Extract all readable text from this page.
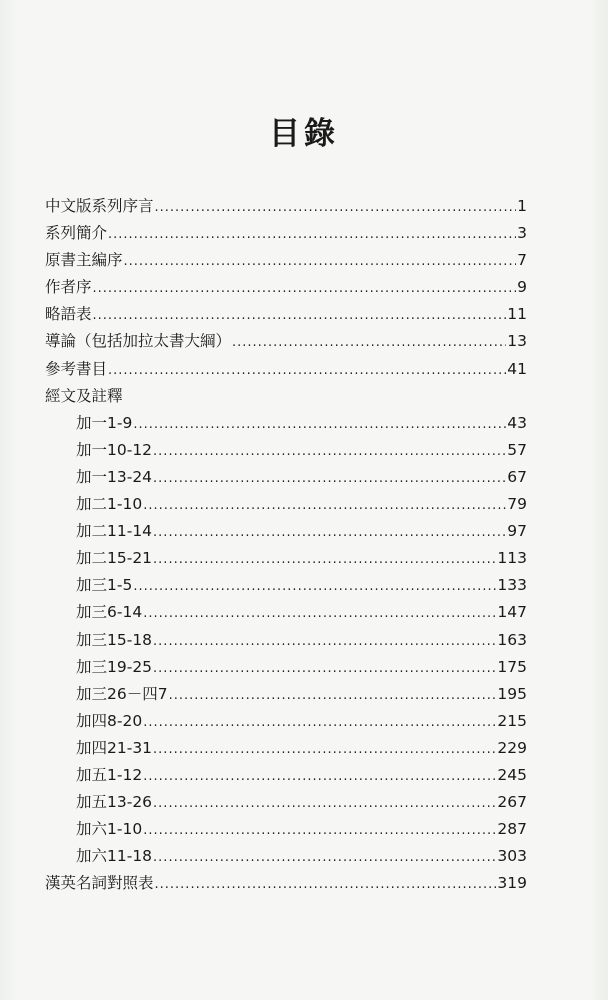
目錄
中文版系列序言 .....	1
系列簡介 .....	3
原書主編序 .....	7
作者序 .....	9
略語表 .....	11
導論（包括加拉太書大綱） .....	13
參考書目 .....	41
經文及註釋
加一1-9 .....	43
加一10-12 .....	57
加一13-24 .....	67
加二1-10 .....	79
加二11-14 .....	97
加二15-21 .....	113
加三1-5 .....	133
加三6-14 .....	147
加三15-18 .....	163
加三19-25 .....	175
加三26－四7 .....	195
加四8-20 .....	215
加四21-31 .....	229
加五1-12 .....	245
加五13-26 .....	267
加六1-10 .....	287
加六11-18 .....	303
漢英名詞對照表 .....	319
